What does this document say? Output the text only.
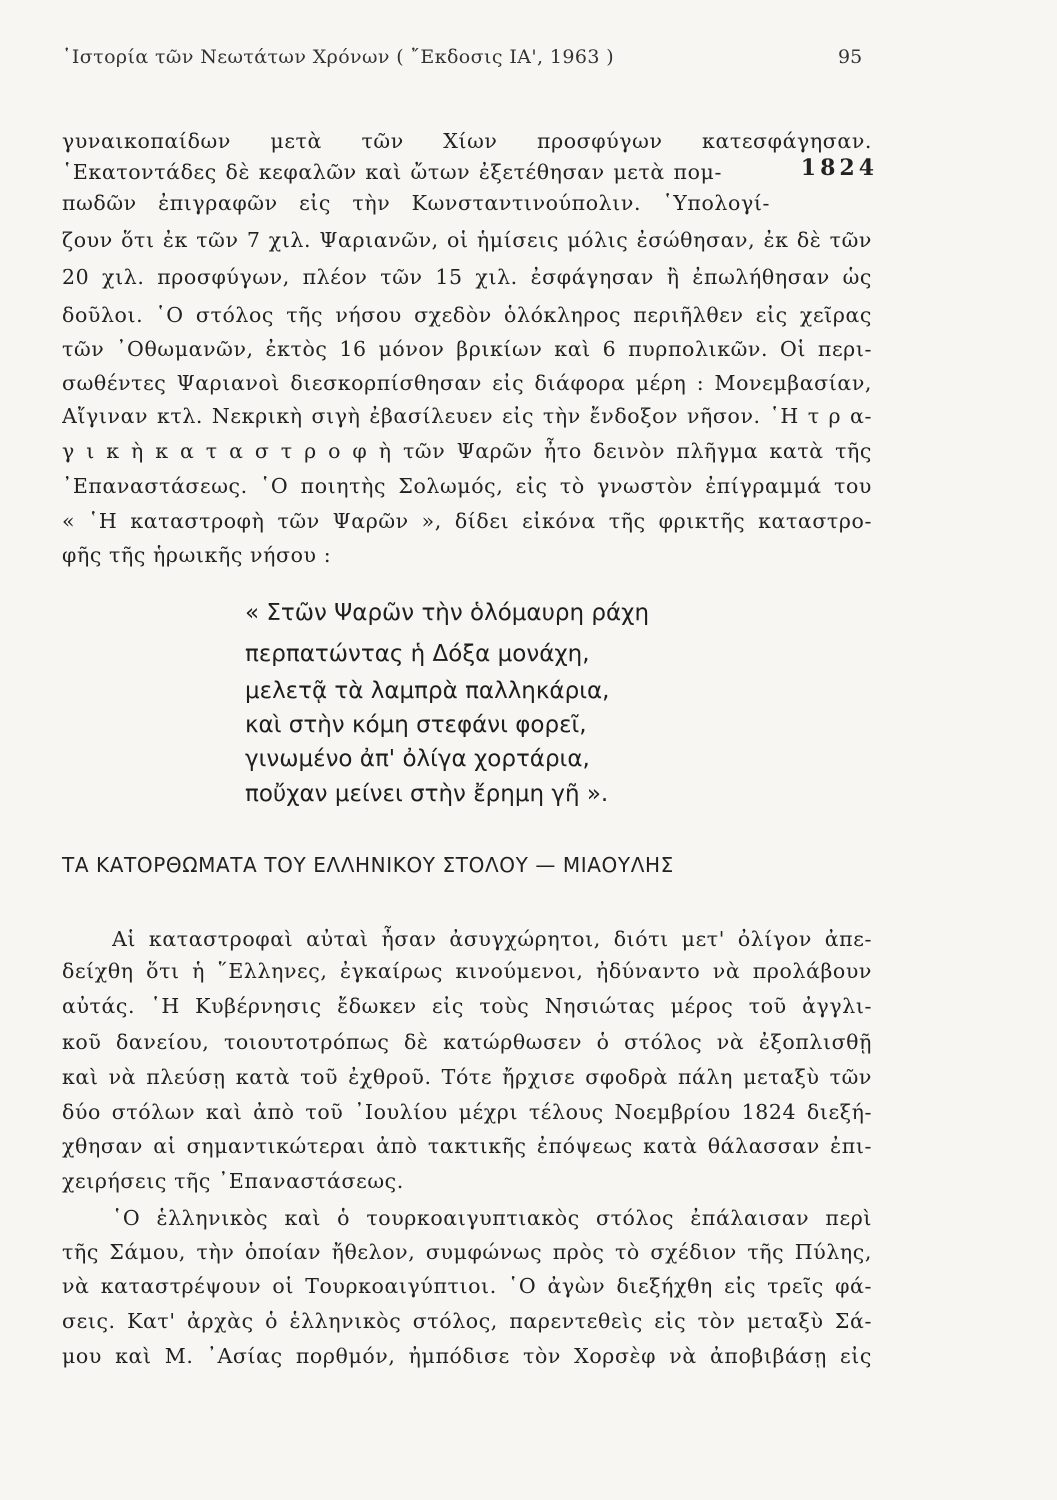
῾Ιστορία τῶν Νεωτάτων Χρόνων ( ῎Εκδοσις ΙΑ', 1963 )	95
1824
γυναικοπαίδων μετὰ τῶν Χίων προσφύγων κατεσφάγησαν.
῾Εκατοντάδες δὲ κεφαλῶν καὶ ὤτων ἐξετέθησαν μετὰ πομ-
πωδῶν ἐπιγραφῶν εἰς τὴν Κωνσταντινούπολιν. ῾Υπολογί-
ζουν ὅτι ἐκ τῶν 7 χιλ. Ψαριανῶν, οἱ ἡμίσεις μόλις ἐσώθησαν, ἐκ δὲ τῶν
20 χιλ. προσφύγων, πλέον τῶν 15 χιλ. ἐσφάγησαν ἢ ἐπωλήθησαν ὡς
δοῦλοι. ῾Ο στόλος τῆς νήσου σχεδὸν ὁλόκληρος περιῆλθεν εἰς χεῖρας
τῶν ᾿Οθωμανῶν, ἐκτὸς 16 μόνον βρικίων καὶ 6 πυρπολικῶν. Οἱ περι-
σωθέντες Ψαριανοὶ διεσκορπίσθησαν εἰς διάφορα μέρη : Μονεμβασίαν,
Αἴγιναν κτλ. Νεκρικὴ σιγὴ ἐβασίλευεν εἰς τὴν ἔνδοξον νῆσον. ῾Η τ ρ α-
γ ι κ ὴ κ α τ α σ τ ρ ο φ ὴ τῶν Ψαρῶν ἦτο δεινὸν πλῆγμα κατὰ τῆς
᾿Επαναστάσεως. ῾Ο ποιητὴς Σολωμός, εἰς τὸ γνωστὸν ἐπίγραμμά του
« ῾Η καταστροφὴ τῶν Ψαρῶν », δίδει εἰκόνα τῆς φρικτῆς καταστρο-
φῆς τῆς ἡρωικῆς νήσου :
« Στῶν Ψαρῶν τὴν ὁλόμαυρη ράχη
περπατώντας ἡ Δόξα μονάχη,
μελετᾷ τὰ λαμπρὰ παλληκάρια,
καὶ στὴν κόμη στεφάνι φορεῖ,
γινωμένο ἀπ' ὀλίγα χορτάρια,
ποὔχαν μείνει στὴν ἔρημη γῆ ».
ΤΑ ΚΑΤΟΡΘΩΜΑΤΑ ΤΟΥ ΕΛΛΗΝΙΚΟΥ ΣΤΟΛΟΥ — ΜΙΑΟΥΛΗΣ
Αἱ καταστροφαὶ αὐταὶ ἦσαν ἀσυγχώρητοι, διότι μετ' ὀλίγον ἀπε-
δείχθη ὅτι ἡ ῞Ελληνες, ἐγκαίρως κινούμενοι, ἠδύναντο νὰ προλάβουν
αὐτάς. ῾Η Κυβέρνησις ἔδωκεν εἰς τοὺς Νησιώτας μέρος τοῦ ἀγγλι-
κοῦ δανείου, τοιουτοτρόπως δὲ κατώρθωσεν ὁ στόλος νὰ ἐξοπλισθῇ
καὶ νὰ πλεύσῃ κατὰ τοῦ ἐχθροῦ. Τότε ἤρχισε σφοδρὰ πάλη μεταξὺ τῶν
δύο στόλων καὶ ἀπὸ τοῦ ᾿Ιουλίου μέχρι τέλους Νοεμβρίου 1824 διεξή-
χθησαν αἱ σημαντικώτεραι ἀπὸ τακτικῆς ἐπόψεως κατὰ θάλασσαν ἐπι-
χειρήσεις τῆς ᾿Επαναστάσεως.
῾Ο ἑλληνικὸς καὶ ὁ τουρκοαιγυπτιακὸς στόλος ἐπάλαισαν περὶ
τῆς Σάμου, τὴν ὁποίαν ἤθελον, συμφώνως πρὸς τὸ σχέδιον τῆς Πύλης,
νὰ καταστρέψουν οἱ Τουρκοαιγύπτιοι. ῾Ο ἀγὼν διεξήχθη εἰς τρεῖς φά-
σεις. Κατ' ἀρχὰς ὁ ἑλληνικὸς στόλος, παρεντεθεὶς εἰς τὸν μεταξὺ Σά-
μου καὶ Μ. ᾿Ασίας πορθμόν, ἠμπόδισε τὸν Χορσὲφ νὰ ἀποβιβάσῃ εἰς
